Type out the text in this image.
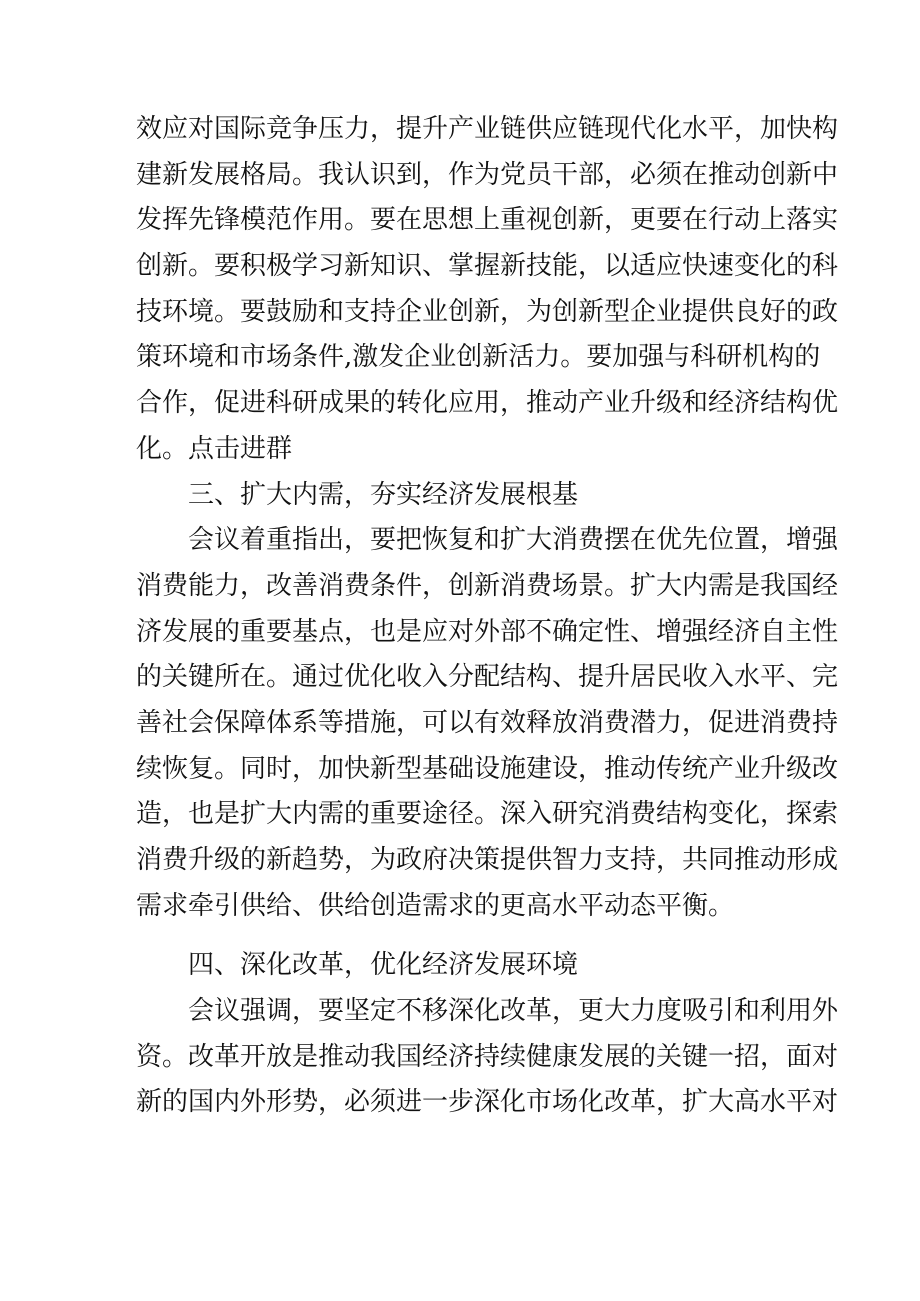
效应对国际竞争压力，提升产业链供应链现代化水平，加快构
建新发展格局。我认识到，作为党员干部，必须在推动创新中
发挥先锋模范作用。要在思想上重视创新，更要在行动上落实
创新。要积极学习新知识、掌握新技能，以适应快速变化的科
技环境。要鼓励和支持企业创新，为创新型企业提供良好的政
策环境和市场条件,激发企业创新活力。要加强与科研机构的
合作，促进科研成果的转化应用，推动产业升级和经济结构优
化。点击进群
三、扩大内需，夯实经济发展根基
会议着重指出，要把恢复和扩大消费摆在优先位置，增强
消费能力，改善消费条件，创新消费场景。扩大内需是我国经
济发展的重要基点，也是应对外部不确定性、增强经济自主性
的关键所在。通过优化收入分配结构、提升居民收入水平、完
善社会保障体系等措施，可以有效释放消费潜力，促进消费持
续恢复。同时，加快新型基础设施建设，推动传统产业升级改
造，也是扩大内需的重要途径。深入研究消费结构变化，探索
消费升级的新趋势，为政府决策提供智力支持，共同推动形成
需求牵引供给、供给创造需求的更高水平动态平衡。
四、深化改革，优化经济发展环境
会议强调，要坚定不移深化改革，更大力度吸引和利用外
资。改革开放是推动我国经济持续健康发展的关键一招，面对
新的国内外形势，必须进一步深化市场化改革，扩大高水平对
